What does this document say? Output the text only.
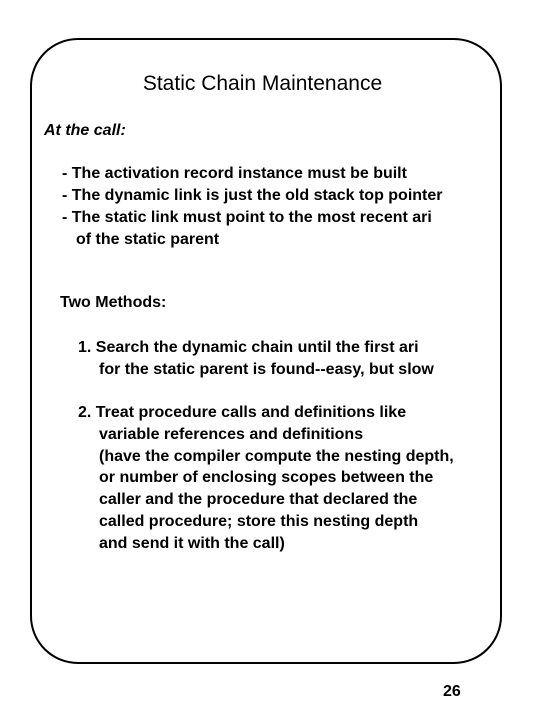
Static Chain Maintenance
At the call:
- The activation record instance must be built
- The dynamic link is just the old stack top pointer
- The static link must point to the most recent ari
of the static parent
Two Methods:
1. Search the dynamic chain until the first ari
for the static parent is found--easy, but slow
2. Treat procedure calls and definitions like
variable references and definitions
(have the compiler compute the nesting depth,
or number of enclosing scopes between the
caller and the procedure that declared the
called procedure; store this nesting depth
and send it with the call)
26
